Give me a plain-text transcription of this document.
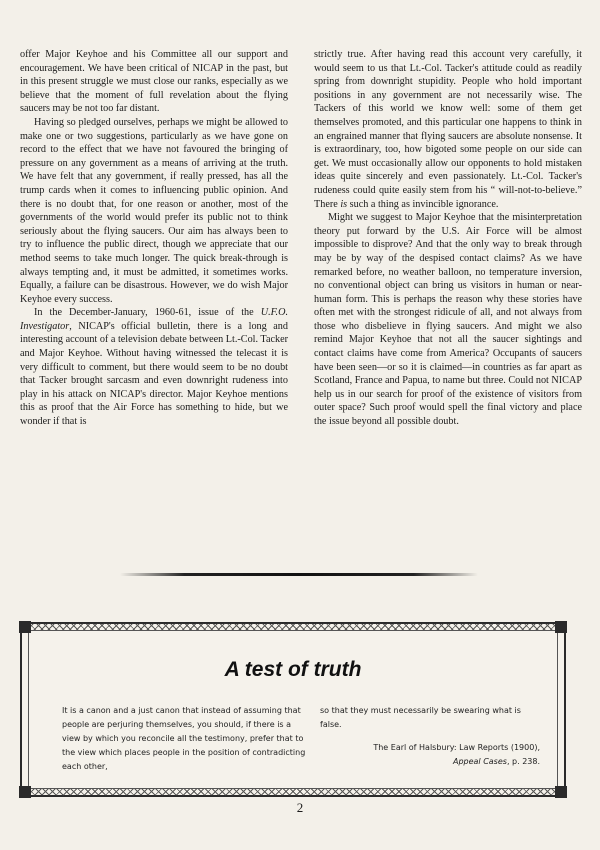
offer Major Keyhoe and his Committee all our support and encouragement. We have been critical of NICAP in the past, but in this present struggle we must close our ranks, especially as we believe that the moment of full revelation about the flying saucers may be not too far distant.

Having so pledged ourselves, perhaps we might be allowed to make one or two suggestions, particularly as we have gone on record to the effect that we have not favoured the bringing of pressure on any government as a means of arriving at the truth. We have felt that any government, if really pressed, has all the trump cards when it comes to influencing public opinion. And there is no doubt that, for one reason or another, most of the governments of the world would prefer its public not to think seriously about the flying saucers. Our aim has always been to try to influence the public direct, though we appreciate that our method seems to take much longer. The quick break-through is always tempting and, it must be admitted, it sometimes works. Equally, a failure can be disastrous. However, we do wish Major Keyhoe every success.

In the December-January, 1960-61, issue of the U.F.O. Investigator, NICAP's official bulletin, there is a long and interesting account of a television debate between Lt.-Col. Tacker and Major Keyhoe. Without having witnessed the telecast it is very difficult to comment, but there would seem to be no doubt that Tacker brought sarcasm and even downright rudeness into play in his attack on NICAP's director. Major Keyhoe mentions this as proof that the Air Force has something to hide, but we wonder if that is

strictly true. After having read this account very carefully, it would seem to us that Lt.-Col. Tacker's attitude could as readily spring from downright stupidity. People who hold important positions in any government are not necessarily wise. The Tackers of this world we know well: some of them get themselves promoted, and this particular one happens to think in an engrained manner that flying saucers are absolute nonsense. It is extraordinary, too, how bigoted some people on our side can get. We must occasionally allow our opponents to hold mistaken ideas quite sincerely and even passionately. Lt.-Col. Tacker's rudeness could quite easily stem from his “ will-not-to-believe.” There is such a thing as invincible ignorance.

Might we suggest to Major Keyhoe that the misinterpretation theory put forward by the U.S. Air Force will be almost impossible to disprove? And that the only way to break through may be by way of the despised contact claims? As we have remarked before, no weather balloon, no temperature inversion, no conventional object can bring us visitors in human or near-human form. This is perhaps the reason why these stories have often met with the strongest ridicule of all, and not always from those who disbelieve in flying saucers. And might we also remind Major Keyhoe that not all the saucer sightings and contact claims have come from America? Occupants of saucers have been seen—or so it is claimed—in countries as far apart as Scotland, France and Papua, to name but three. Could not NICAP help us in our search for proof of the existence of visitors from outer space? Such proof would spell the final victory and place the issue beyond all possible doubt.

A test of truth
It is a canon and a just canon that instead of assuming that people are perjuring themselves, you should, if there is a view by which you reconcile all the testimony, prefer that to the view which places people in the position of contradicting each other,

so that they must necessarily be swearing what is false.

The Earl of Halsbury: Law Reports (1900),
Appeal Cases, p. 238.

2
